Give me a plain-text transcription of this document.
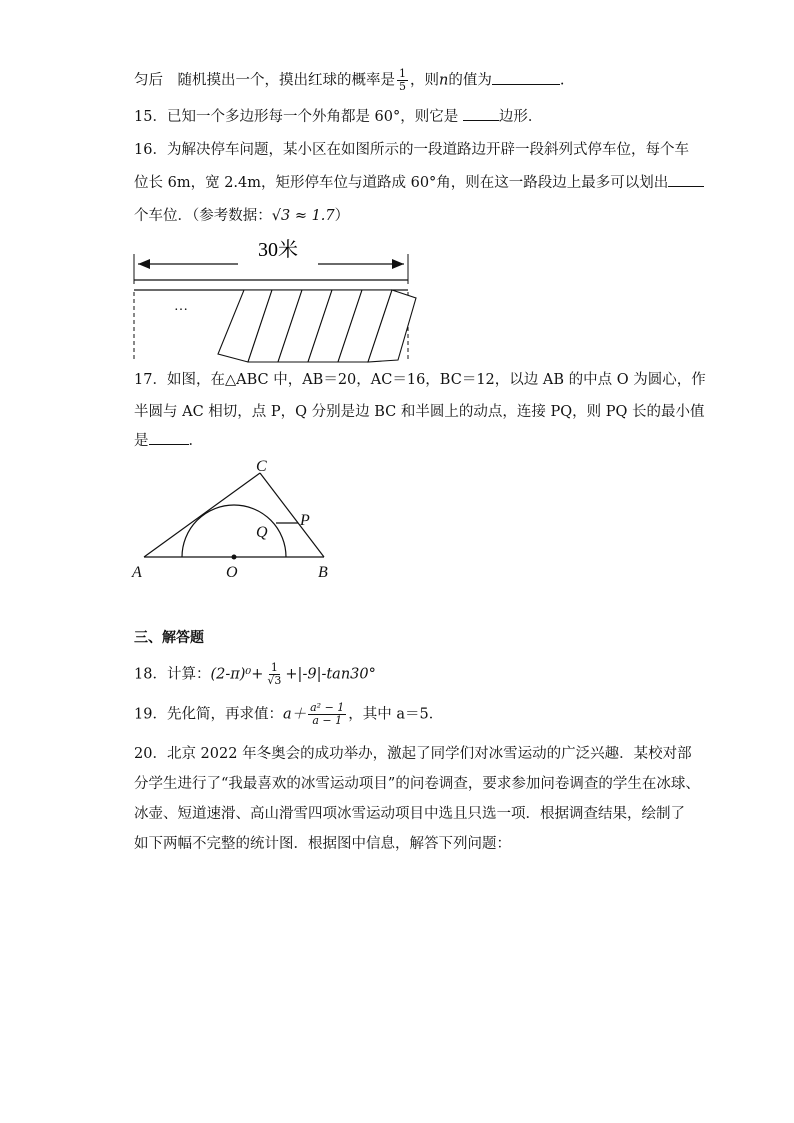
匀后　随机摸出一个，摸出红球的概率是 $\frac{1}{5}$ ，则n的值为	.
15．已知一个多边形每一个外角都是 60°，则它是 边形．
16．为解决停车问题，某小区在如图所示的一段道路边开辟一段斜列式停车位，每个车
位长 6m，宽 2.4m，矩形停车位与道路成 60°角，则在这一路段边上最多可以划出
个车位．（参考数据：√3 ≈ 1.7）
30米
…
17．如图，在△ABC 中，AB＝20，AC＝16，BC＝12，以边 AB 的中点 O 为圆心，作
半圆与 AC 相切，点 P，Q 分别是边 BC 和半圆上的动点，连接 PQ，则 PQ 长的最小值
是	．
A	O	B
C
P
Q
三、解答题
18．计算：$(2-\pi)^0+ \frac{1}{√3} +|-9|-\tan 30^\circ$
19．先化简，再求值：$a+ \frac{\text{a² − 1}}{a - 1}$ ，其中 a＝5．
20．北京 2022 年冬奥会的成功举办，激起了同学们对冰雪运动的广泛兴趣．某校对部
分学生进行了“我最喜欢的冰雪运动项目”的问卷调查，要求参加问卷调查的学生在冰球、
冰壶、短道速滑、高山滑雪四项冰雪运动项目中选且只选一项．根据调查结果，绘制了
如下两幅不完整的统计图．根据图中信息，解答下列问题：
